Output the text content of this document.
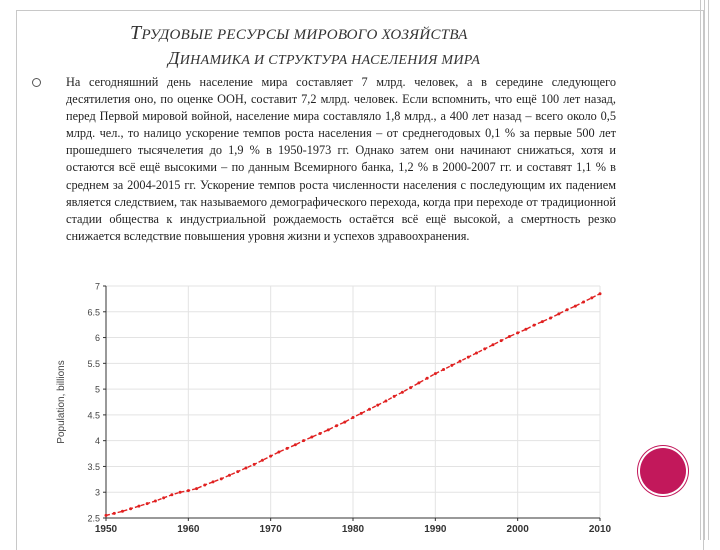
ТРУДОВЫЕ РЕСУРСЫ МИРОВОГО ХОЗЯЙСТВА
ДИНАМИКА И СТРУКТУРА НАСЕЛЕНИЯ МИРА
На сегодняшний день население мира составляет 7 млрд. человек, а в середине следующего десятилетия оно, по оценке ООН, составит 7,2 млрд. человек. Если вспомнить, что ещё 100 лет назад, перед Первой мировой войной, население мира составляло 1,8 млрд., а 400 лет назад – всего около 0,5 млрд. чел., то налицо ускорение темпов роста населения – от среднегодовых 0,1 % за первые 500 лет прошедшего тысячелетия до 1,9 % в 1950-1973 гг. Однако затем они начинают снижаться, хотя и остаются всё ещё высокими – по данным Всемирного банка, 1,2 % в 2000-2007 гг. и составят 1,1 % в среднем за 2004-2015 гг. Ускорение темпов роста численности населения с последующим их падением является следствием, так называемого демографического перехода, когда при переходе от традиционной стадии общества к индустриальной рождаемость остаётся всё ещё высокой, а смертность резко снижается вследствие повышения уровня жизни и успехов здравоохранения.
2.5
3
3.5
4
4.5
5
5.5
6
6.5
7
1950	1960	1970	1980	1990	2000	2010
Population, billions
